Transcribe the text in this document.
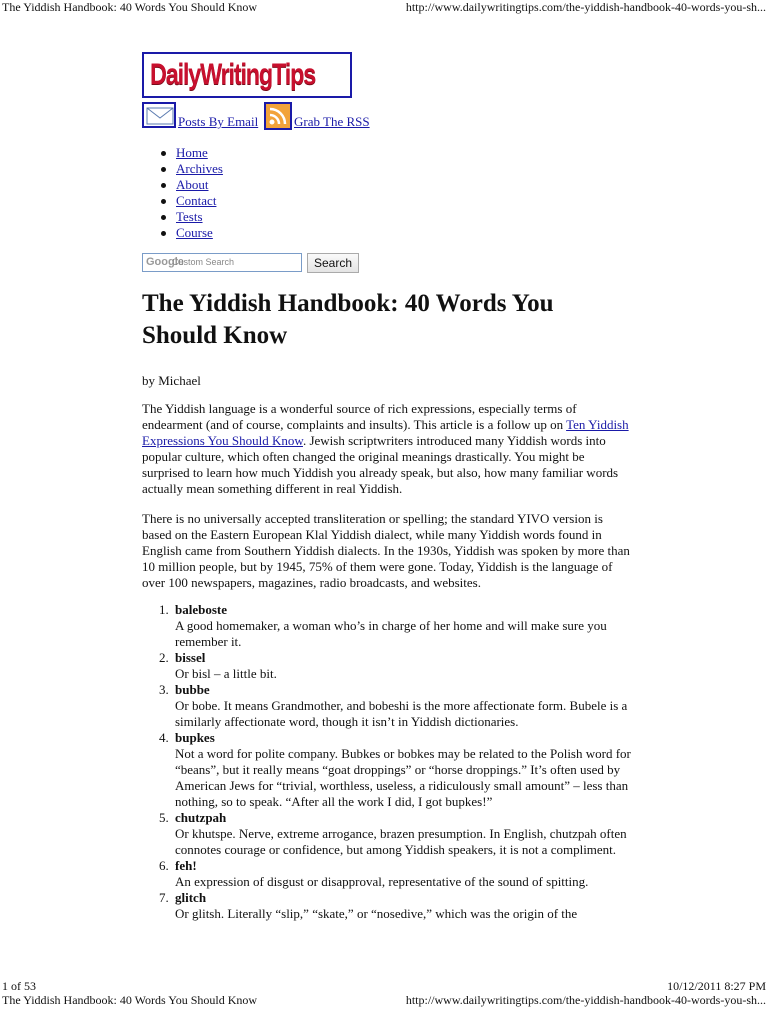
The Yiddish Handbook: 40 Words You Should Know	http://www.dailywritingtips.com/the-yiddish-handbook-40-words-you-sh...
DailyWritingTips
Posts By Email	Grab The RSS
Home
Archives
About
Contact
Tests
Course
Google
Custom Search	Search
The Yiddish Handbook: 40 Words You Should Know
by Michael

The Yiddish language is a wonderful source of rich expressions, especially terms of endearment (and of course, complaints and insults). This article is a follow up on Ten Yiddish Expressions You Should Know. Jewish scriptwriters introduced many Yiddish words into popular culture, which often changed the original meanings drastically. You might be surprised to learn how much Yiddish you already speak, but also, how many familiar words actually mean something different in real Yiddish.

There is no universally accepted transliteration or spelling; the standard YIVO version is based on the Eastern European Klal Yiddish dialect, while many Yiddish words found in English came from Southern Yiddish dialects. In the 1930s, Yiddish was spoken by more than 10 million people, but by 1945, 75% of them were gone. Today, Yiddish is the language of over 100 newspapers, magazines, radio broadcasts, and websites.

1. baleboste
A good homemaker, a woman who’s in charge of her home and will make sure you remember it.
2. bissel
Or bisl – a little bit.
3. bubbe
Or bobe. It means Grandmother, and bobeshi is the more affectionate form. Bubele is a similarly affectionate word, though it isn’t in Yiddish dictionaries.
4. bupkes
Not a word for polite company. Bubkes or bobkes may be related to the Polish word for “beans”, but it really means “goat droppings” or “horse droppings.” It’s often used by American Jews for “trivial, worthless, useless, a ridiculously small amount” – less than nothing, so to speak. “After all the work I did, I got bupkes!”
5. chutzpah
Or khutspe. Nerve, extreme arrogance, brazen presumption. In English, chutzpah often connotes courage or confidence, but among Yiddish speakers, it is not a compliment.
6. feh!
An expression of disgust or disapproval, representative of the sound of spitting.
7. glitch
Or glitsh. Literally “slip,” “skate,” or “nosedive,” which was the origin of the
1 of 53	10/12/2011 8:27 PM
The Yiddish Handbook: 40 Words You Should Know	http://www.dailywritingtips.com/the-yiddish-handbook-40-words-you-sh...
